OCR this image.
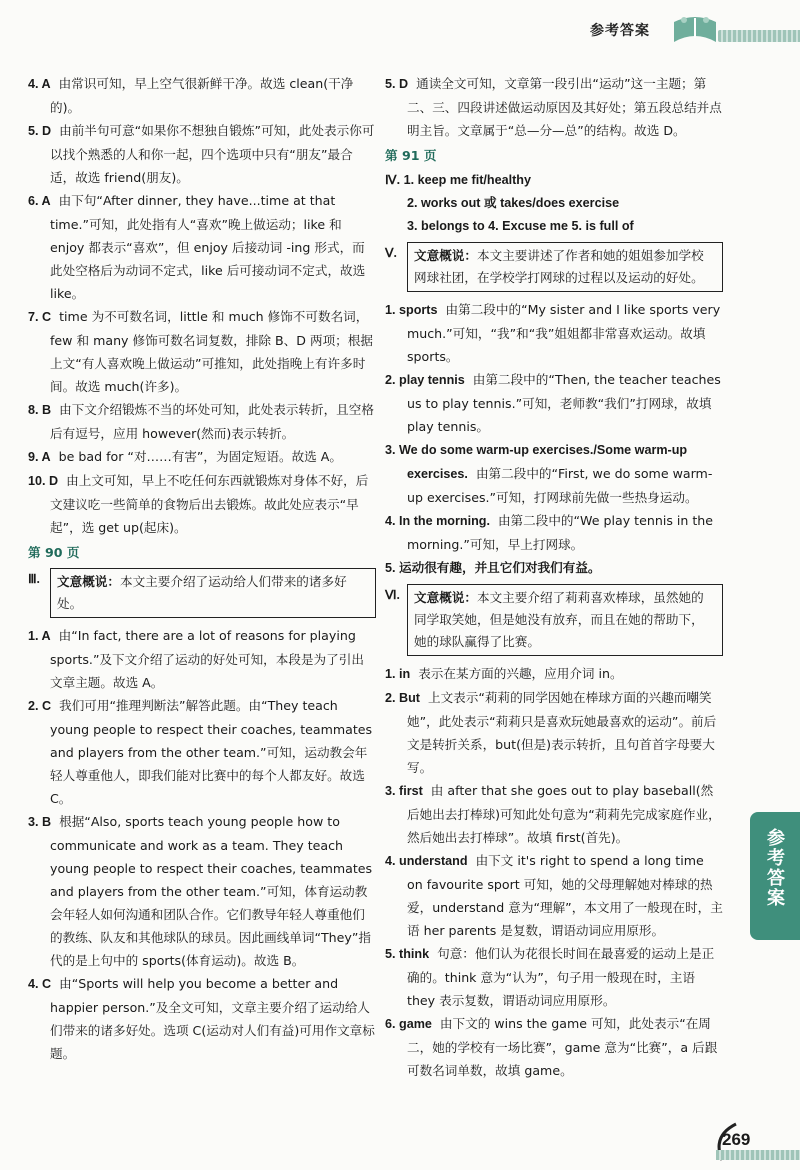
参考答案
4. A 由常识可知，早上空气很新鲜干净。故选 clean(干净的)。
5. D 由前半句可意“如果你不想独自锻炼”可知，此处表示你可以找个熟悉的人和你一起，四个选项中只有“朋友”最合适，故选 friend(朋友)。
6. A 由下句“After dinner, they have...time at that time.”可知，此处指有人“喜欢”晚上做运动；like 和 enjoy 都表示“喜欢”，但 enjoy 后接动词 -ing 形式，而此处空格后为动词不定式，like 后可接动词不定式，故选 like。
7. C time 为不可数名词，little 和 much 修饰不可数名词，few 和 many 修饰可数名词复数，排除 B、D 两项；根据上文“有人喜欢晚上做运动”可推知，此处指晚上有许多时间。故选 much(许多)。
8. B 由下文介绍锻炼不当的坏处可知，此处表示转折，且空格后有逗号，应用 however(然而)表示转折。
9. A be bad for “对……有害”，为固定短语。故选 A。
10. D 由上文可知，早上不吃任何东西就锻炼对身体不好，后文建议吃一些简单的食物后出去锻炼。故此处应表示“早起”，选 get up(起床)。
第 90 页
Ⅲ.	文意概说：本文主要介绍了运动给人们带来的诸多好处。
1. A 由“In fact, there are a lot of reasons for playing sports.”及下文介绍了运动的好处可知，本段是为了引出文章主题。故选 A。
2. C 我们可用“推理判断法”解答此题。由“They teach young people to respect their coaches, teammates and players from the other team.”可知，运动教会年轻人尊重他人，即我们能对比赛中的每个人都友好。故选 C。
3. B 根据“Also, sports teach young people how to communicate and work as a team. They teach young people to respect their coaches, teammates and players from the other team.”可知，体育运动教会年轻人如何沟通和团队合作。它们教导年轻人尊重他们的教练、队友和其他球队的球员。因此画线单词“They”指代的是上句中的 sports(体育运动)。故选 B。
4. C 由“Sports will help you become a better and happier person.”及全文可知，文章主要介绍了运动给人们带来的诸多好处。选项 C(运动对人们有益)可用作文章标题。
5. D 通读全文可知，文章第一段引出“运动”这一主题；第二、三、四段讲述做运动原因及其好处；第五段总结并点明主旨。文章属于“总—分—总”的结构。故选 D。
第 91 页
Ⅳ. 1. keep me fit/healthy
2. works out 或 takes/does exercise
3. belongs to 4. Excuse me 5. is full of
Ⅴ.	文意概说：本文主要讲述了作者和她的姐姐参加学校网球社团，在学校学打网球的过程以及运动的好处。
1. sports 由第二段中的“My sister and I like sports very much.”可知，“我”和“我”姐姐都非常喜欢运动。故填 sports。
2. play tennis 由第二段中的“Then, the teacher teaches us to play tennis.”可知，老师教“我们”打网球，故填 play tennis。
3. We do some warm-up exercises./Some warm-up exercises. 由第二段中的“First, we do some warm-up exercises.”可知，打网球前先做一些热身运动。
4. In the morning. 由第二段中的“We play tennis in the morning.”可知，早上打网球。
5. 运动很有趣，并且它们对我们有益。
Ⅵ.	文意概说：本文主要介绍了莉莉喜欢棒球，虽然她的同学取笑她，但是她没有放弃，而且在她的帮助下，她的球队赢得了比赛。
1. in 表示在某方面的兴趣，应用介词 in。
2. But 上文表示“莉莉的同学因她在棒球方面的兴趣而嘲笑她”，此处表示“莉莉只是喜欢玩她最喜欢的运动”。前后文是转折关系，but(但是)表示转折，且句首首字母要大写。
3. first 由 after that she goes out to play baseball(然后她出去打棒球)可知此处句意为“莉莉先完成家庭作业，然后她出去打棒球”。故填 first(首先)。
4. understand 由下文 it's right to spend a long time on favourite sport 可知，她的父母理解她对棒球的热爱，understand 意为“理解”，本文用了一般现在时，主语 her parents 是复数，谓语动词应用原形。
5. think 句意：他们认为花很长时间在最喜爱的运动上是正确的。think 意为“认为”，句子用一般现在时，主语 they 表示复数，谓语动词应用原形。
6. game 由下文的 wins the game 可知，此处表示“在周二，她的学校有一场比赛”，game 意为“比赛”，a 后跟可数名词单数，故填 game。
参考答案
269
